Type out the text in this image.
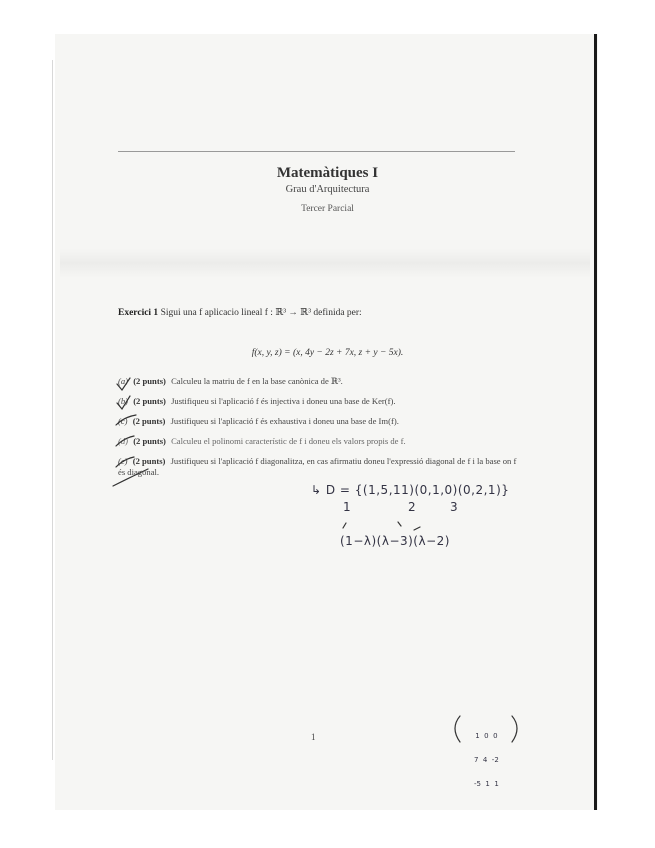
Matemàtiques I
Grau d'Arquitectura
Tercer Parcial
Exercici 1 Sigui una f aplicacio lineal f : ℝ³ → ℝ³ definida per:
f(x, y, z) = (x, 4y − 2z + 7x, z + y − 5x).
(a) (2 punts) Calculeu la matriu de f en la base canònica de ℝ³.
(b) (2 punts) Justifiqueu si l'aplicació f és injectiva i doneu una base de Ker(f).
(c) (2 punts) Justifiqueu si l'aplicació f és exhaustiva i doneu una base de Im(f).
(d) (2 punts) Calculeu el polinomi característic de f i doneu els valors propis de f.
(e) (2 punts) Justifiqueu si l'aplicació f diagonalitza, en cas afirmatiu doneu l'expressió diagonal de f i la base on f és diagonal.
↳ D = {(1,5,11)(0,1,0)(0,2,1)}
1	2	3
(1−λ)(λ−3)(λ−2)

1  0  0

7  4  -2

-5  1  1

1
